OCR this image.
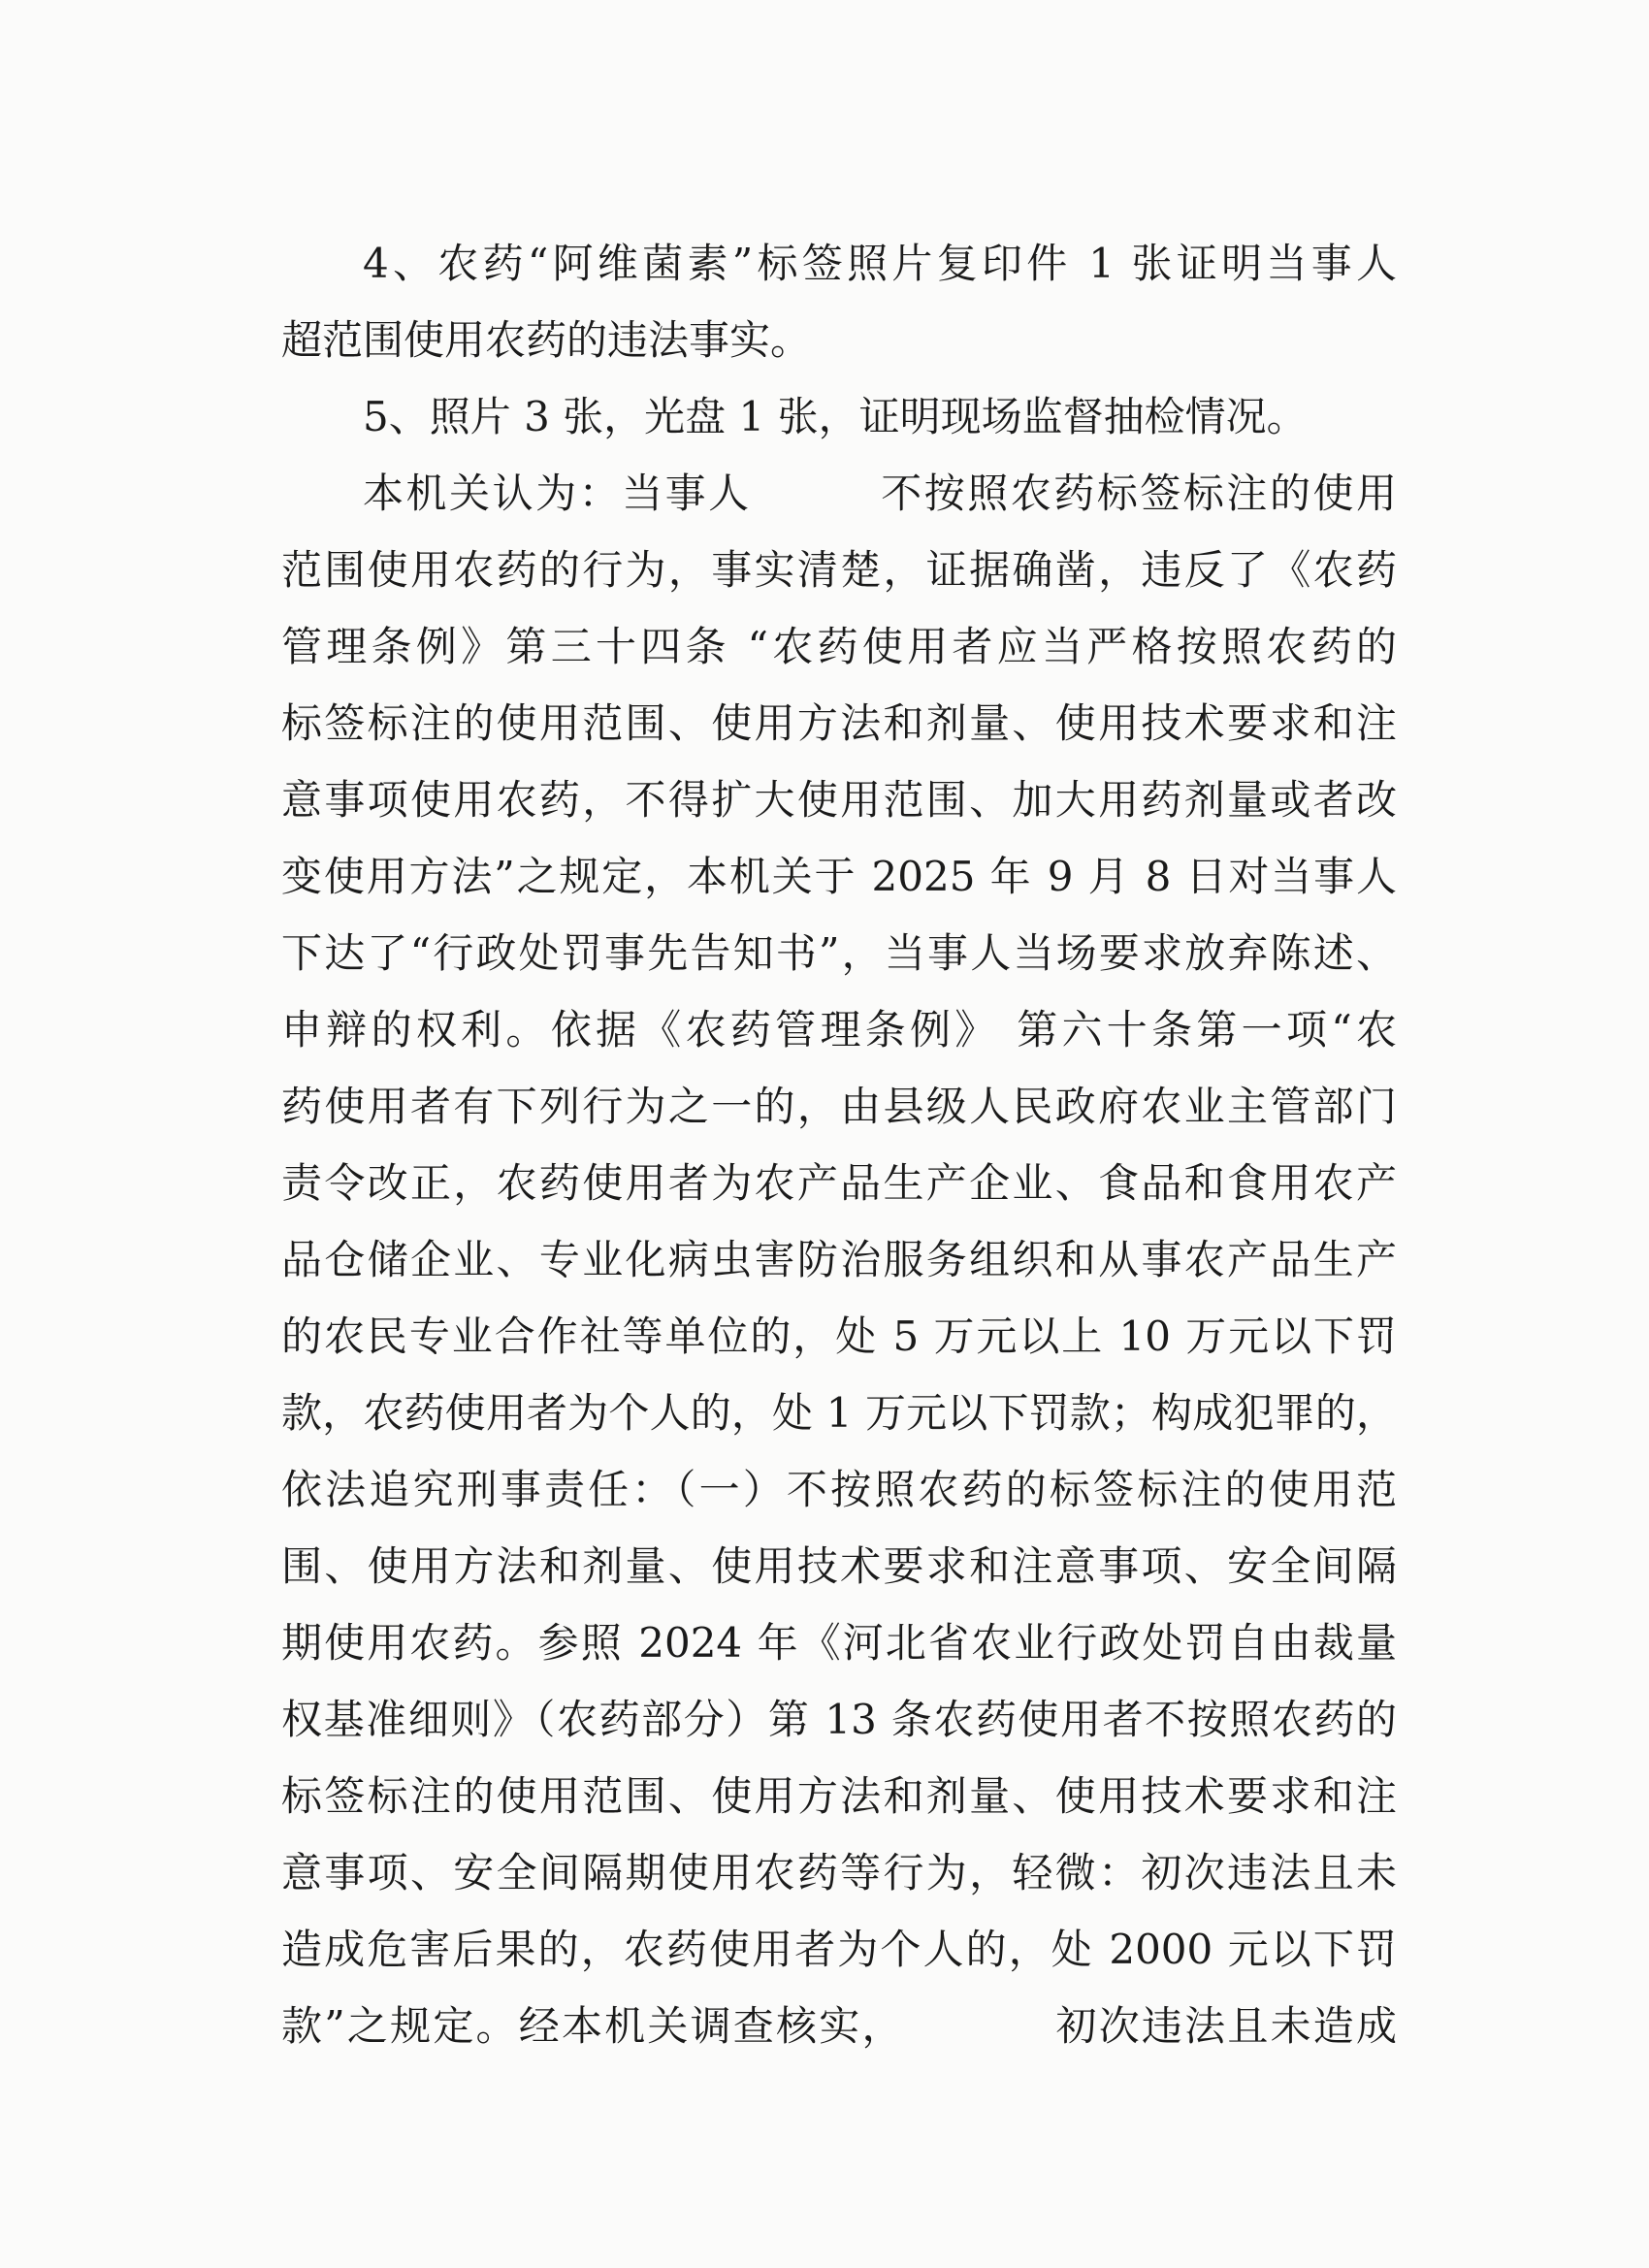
4、农药“阿维菌素”标签照片复印件 1 张证明当事人
超范围使用农药的违法事实。
5、照片 3 张，光盘 1 张，证明现场监督抽检情况。
本机关认为：当事人　　　不按照农药标签标注的使用
范围使用农药的行为，事实清楚，证据确凿，违反了《农药
管理条例》第三十四条 “农药使用者应当严格按照农药的
标签标注的使用范围、使用方法和剂量、使用技术要求和注
意事项使用农药，不得扩大使用范围、加大用药剂量或者改
变使用方法”之规定，本机关于 2025 年 9 月 8 日对当事人
下达了“行政处罚事先告知书”，当事人当场要求放弃陈述、
申辩的权利。依据《农药管理条例》 第六十条第一项“农
药使用者有下列行为之一的，由县级人民政府农业主管部门
责令改正，农药使用者为农产品生产企业、食品和食用农产
品仓储企业、专业化病虫害防治服务组织和从事农产品生产
的农民专业合作社等单位的，处 5 万元以上 10 万元以下罚
款，农药使用者为个人的，处 1 万元以下罚款；构成犯罪的，
依法追究刑事责任：（一）不按照农药的标签标注的使用范
围、使用方法和剂量、使用技术要求和注意事项、安全间隔
期使用农药。参照 2024 年《河北省农业行政处罚自由裁量
权基准细则》（农药部分）第 13 条农药使用者不按照农药的
标签标注的使用范围、使用方法和剂量、使用技术要求和注
意事项、安全间隔期使用农药等行为，轻微：初次违法且未
造成危害后果的，农药使用者为个人的，处 2000 元以下罚
款”之规定。经本机关调查核实，　　　　初次违法且未造成
